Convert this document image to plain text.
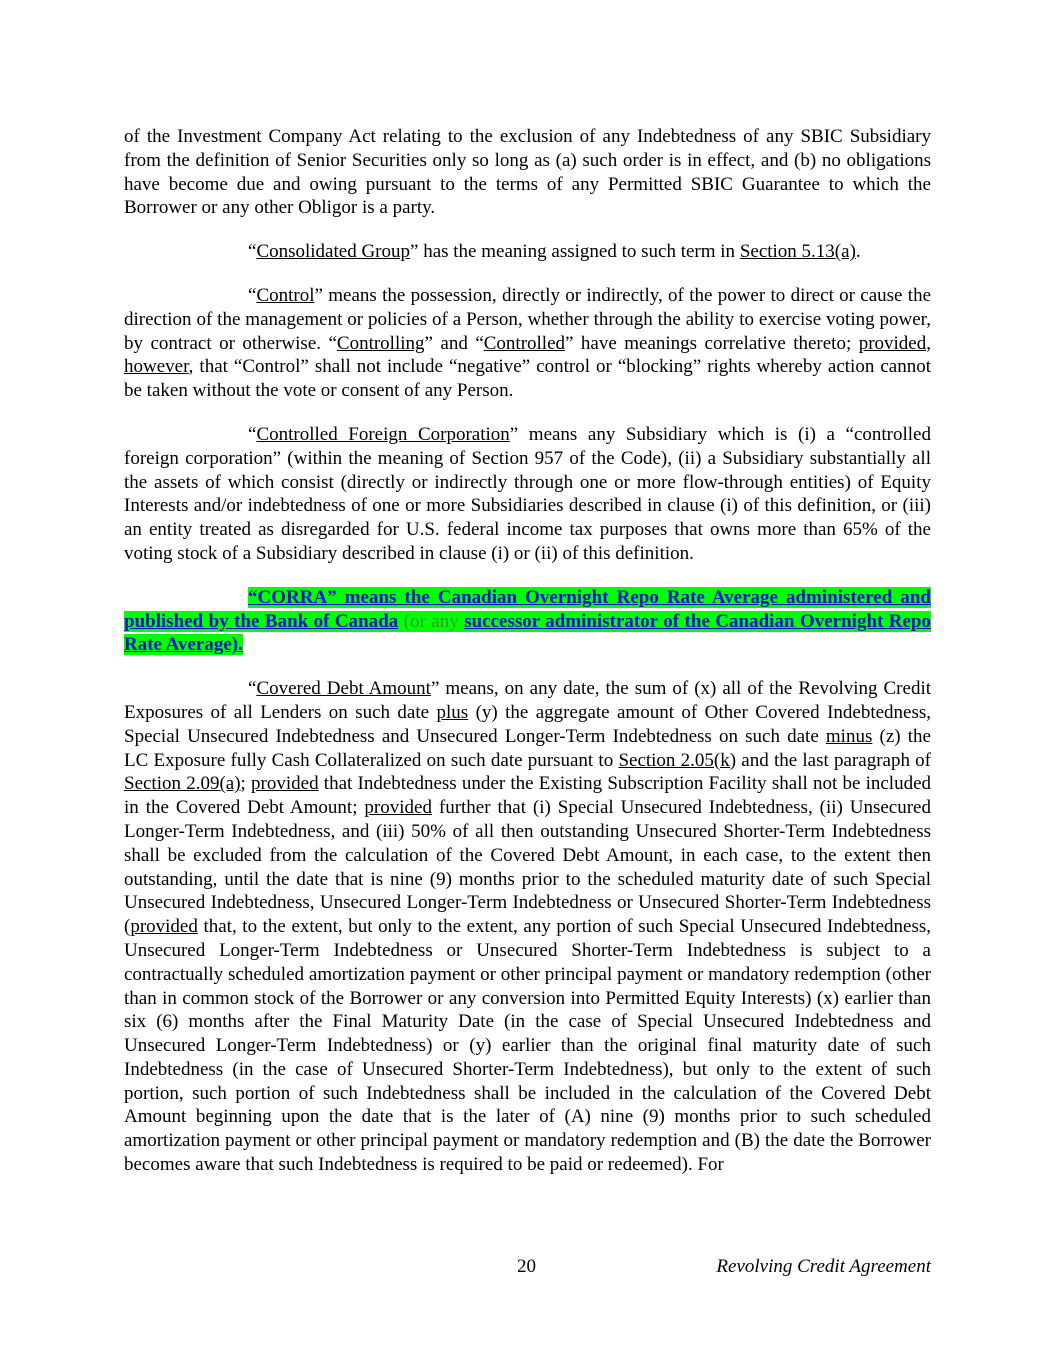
of the Investment Company Act relating to the exclusion of any Indebtedness of any SBIC Subsidiary from the definition of Senior Securities only so long as (a) such order is in effect, and (b) no obligations have become due and owing pursuant to the terms of any Permitted SBIC Guarantee to which the Borrower or any other Obligor is a party.

“Consolidated Group” has the meaning assigned to such term in Section 5.13(a).

“Control” means the possession, directly or indirectly, of the power to direct or cause the direction of the management or policies of a Person, whether through the ability to exercise voting power, by contract or otherwise. “Controlling” and “Controlled” have meanings correlative thereto; provided, however, that “Control” shall not include “negative” control or “blocking” rights whereby action cannot be taken without the vote or consent of any Person.

“Controlled Foreign Corporation” means any Subsidiary which is (i) a “controlled foreign corporation” (within the meaning of Section 957 of the Code), (ii) a Subsidiary substantially all the assets of which consist (directly or indirectly through one or more flow-through entities) of Equity Interests and/or indebtedness of one or more Subsidiaries described in clause (i) of this definition, or (iii) an entity treated as disregarded for U.S. federal income tax purposes that owns more than 65% of the voting stock of a Subsidiary described in clause (i) or (ii) of this definition.

“CORRA” means the Canadian Overnight Repo Rate Average administered and published by the Bank of Canada (or any successor administrator of the Canadian Overnight Repo Rate Average).

“Covered Debt Amount” means, on any date, the sum of (x) all of the Revolving Credit Exposures of all Lenders on such date plus (y) the aggregate amount of Other Covered Indebtedness, Special Unsecured Indebtedness and Unsecured Longer-Term Indebtedness on such date minus (z) the LC Exposure fully Cash Collateralized on such date pursuant to Section 2.05(k) and the last paragraph of Section 2.09(a); provided that Indebtedness under the Existing Subscription Facility shall not be included in the Covered Debt Amount; provided further that (i) Special Unsecured Indebtedness, (ii) Unsecured Longer-Term Indebtedness, and (iii) 50% of all then outstanding Unsecured Shorter-Term Indebtedness shall be excluded from the calculation of the Covered Debt Amount, in each case, to the extent then outstanding, until the date that is nine (9) months prior to the scheduled maturity date of such Special Unsecured Indebtedness, Unsecured Longer-Term Indebtedness or Unsecured Shorter-Term Indebtedness (provided that, to the extent, but only to the extent, any portion of such Special Unsecured Indebtedness, Unsecured Longer-Term Indebtedness or Unsecured Shorter-Term Indebtedness is subject to a contractually scheduled amortization payment or other principal payment or mandatory redemption (other than in common stock of the Borrower or any conversion into Permitted Equity Interests) (x) earlier than six (6) months after the Final Maturity Date (in the case of Special Unsecured Indebtedness and Unsecured Longer-Term Indebtedness) or (y) earlier than the original final maturity date of such Indebtedness (in the case of Unsecured Shorter-Term Indebtedness), but only to the extent of such portion, such portion of such Indebtedness shall be included in the calculation of the Covered Debt Amount beginning upon the date that is the later of (A) nine (9) months prior to such scheduled amortization payment or other principal payment or mandatory redemption and (B) the date the Borrower becomes aware that such Indebtedness is required to be paid or redeemed). For

20	Revolving Credit Agreement
